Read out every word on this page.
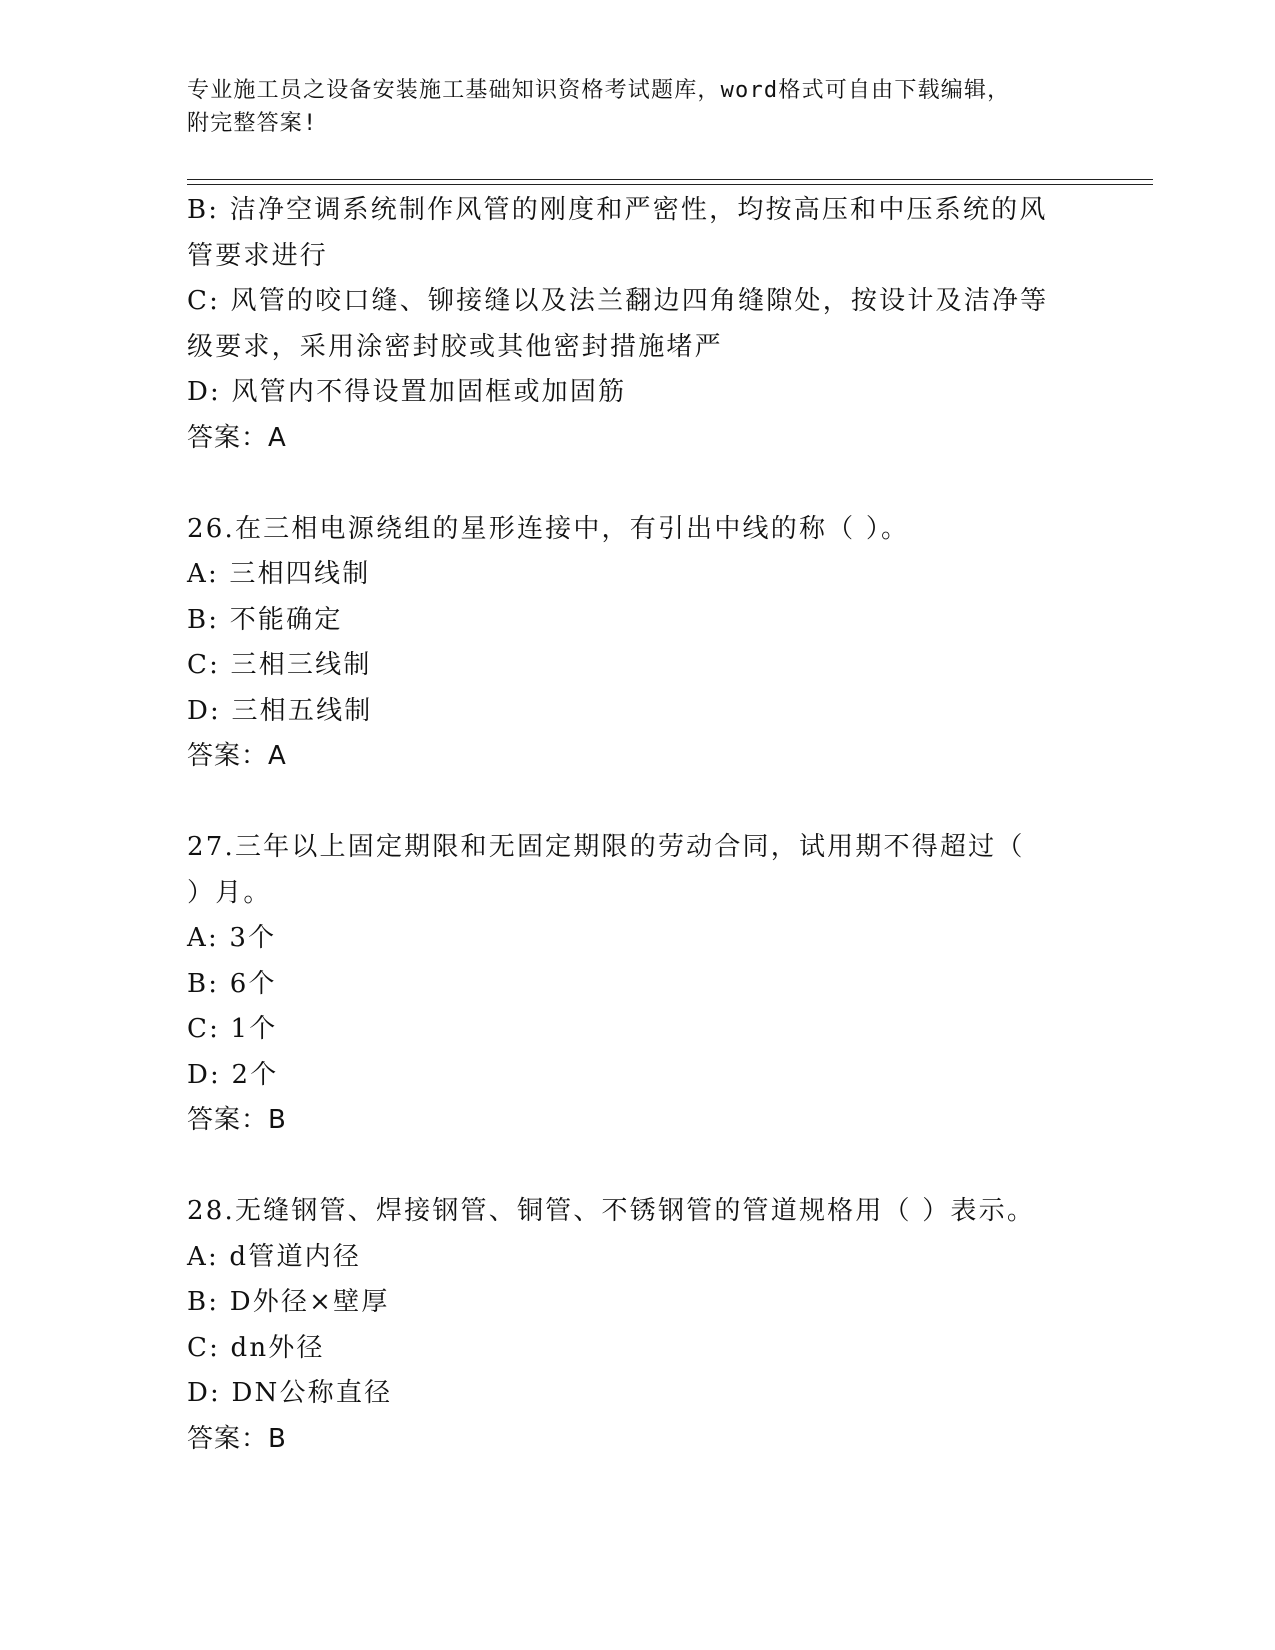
专业施工员之设备安装施工基础知识资格考试题库，word格式可自由下载编辑，
附完整答案!
B: 洁净空调系统制作风管的刚度和严密性，均按高压和中压系统的风
管要求进行
C: 风管的咬口缝、铆接缝以及法兰翻边四角缝隙处，按设计及洁净等
级要求，采用涂密封胶或其他密封措施堵严
D: 风管内不得设置加固框或加固筋
答案：A
26.在三相电源绕组的星形连接中，有引出中线的称（ ）。
A: 三相四线制
B: 不能确定
C: 三相三线制
D: 三相五线制
答案：A
27.三年以上固定期限和无固定期限的劳动合同，试用期不得超过（
）月。
A: 3个
B: 6个
C: 1个
D: 2个
答案：B
28.无缝钢管、焊接钢管、铜管、不锈钢管的管道规格用（ ）表示。
A: d管道内径
B: D外径×壁厚
C: dn外径
D: DN公称直径
答案：B
